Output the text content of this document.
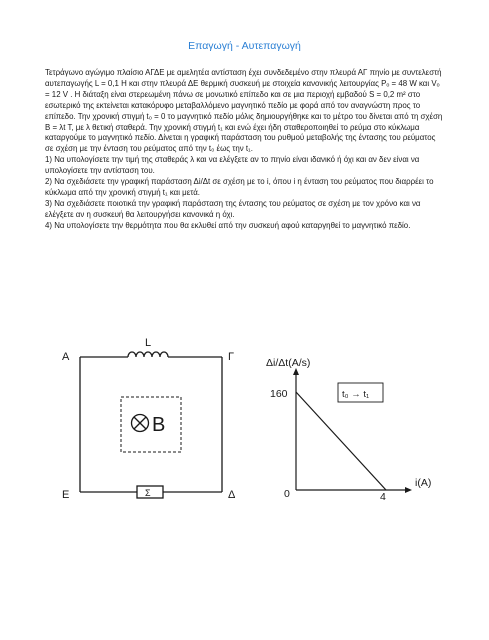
Επαγωγή - Αυτεπαγωγή

Τετράγωνο αγώγιμο πλαίσιο ΑΓΔΕ με αμελητέα αντίσταση έχει συνδεδεμένο στην πλευρά ΑΓ πηνίο με συντελεστή αυτεπαγωγής L = 0,1 H και στην πλευρά ΔΕ θερμική συσκευή με στοιχεία κανονικής λειτουργίας Pₒ = 48 W και Vₒ = 12 V . Η διάταξη είναι στερεωμένη πάνω σε μονωτικό επίπεδο και σε μια περιοχή εμβαδού S = 0,2 m² στο εσωτερικό της εκτείνεται κατακόρυφο μεταβαλλόμενο μαγνητικό πεδίο με φορά από τον αναγνώστη προς το επίπεδο. Την χρονική στιγμή t₀ = 0 το μαγνητικό πεδίο μόλις δημιουργήθηκε και το μέτρο του δίνεται από τη σχέση B = λt T, με λ θετική σταθερά. Την χρονική στιγμή t₁ και ενώ έχει ήδη σταθεροποιηθεί το ρεύμα στο κύκλωμα καταργούμε το μαγνητικό πεδίο. Δίνεται η γραφική παράσταση του ρυθμού μεταβολής της έντασης του ρεύματος σε σχέση με την ένταση του ρεύματος από την t₀ έως την t₁.

1) Να υπολογίσετε την τιμή της σταθεράς λ και να ελέγξετε αν το πηνίο είναι ιδανικό ή όχι και αν δεν είναι να υπολογίσετε την αντίσταση του.

2) Να σχεδιάσετε την γραφική παράσταση Δi/Δt σε σχέση με το i, όπου i η ένταση του ρεύματος που διαρρέει το κύκλωμα από την χρονική στιγμή t₁ και μετά.

3) Να σχεδιάσετε ποιοτικά την γραφική παράσταση της έντασης του ρεύματος σε σχέση με τον χρόνο και να ελέγξετε αν η συσκευή θα λειτουργήσει κανονικά η όχι.

4) Να υπολογίσετε την θερμότητα που θα εκλυθεί από την συσκευή αφού καταργηθεί το μαγνητικό πεδίο.

L
Α	Γ
Ε	Δ
Σ
B
Δi/Δt(A/s)
i(A)
160
4
0
t₀ → t₁
